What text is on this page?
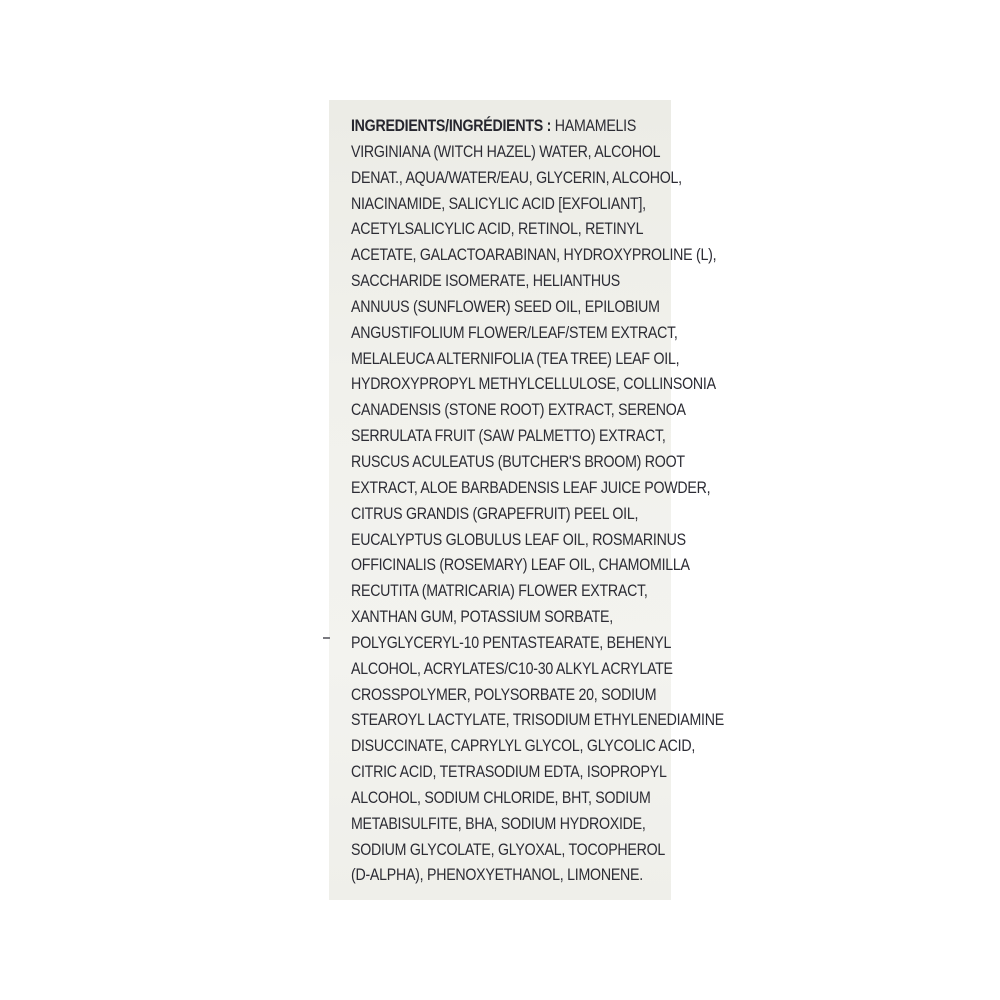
INGREDIENTS/INGRÉDIENTS : HAMAMELIS
VIRGINIANA (WITCH HAZEL) WATER, ALCOHOL
DENAT., AQUA/WATER/EAU, GLYCERIN, ALCOHOL,
NIACINAMIDE, SALICYLIC ACID [EXFOLIANT],
ACETYLSALICYLIC ACID, RETINOL, RETINYL
ACETATE, GALACTOARABINAN, HYDROXYPROLINE (L),
SACCHARIDE ISOMERATE, HELIANTHUS
ANNUUS (SUNFLOWER) SEED OIL, EPILOBIUM
ANGUSTIFOLIUM FLOWER/LEAF/STEM EXTRACT,
MELALEUCA ALTERNIFOLIA (TEA TREE) LEAF OIL,
HYDROXYPROPYL METHYLCELLULOSE, COLLINSONIA
CANADENSIS (STONE ROOT) EXTRACT, SERENOA
SERRULATA FRUIT (SAW PALMETTO) EXTRACT,
RUSCUS ACULEATUS (BUTCHER'S BROOM) ROOT
EXTRACT, ALOE BARBADENSIS LEAF JUICE POWDER,
CITRUS GRANDIS (GRAPEFRUIT) PEEL OIL,
EUCALYPTUS GLOBULUS LEAF OIL, ROSMARINUS
OFFICINALIS (ROSEMARY) LEAF OIL, CHAMOMILLA
RECUTITA (MATRICARIA) FLOWER EXTRACT,
XANTHAN GUM, POTASSIUM SORBATE,
POLYGLYCERYL-10 PENTASTEARATE, BEHENYL
ALCOHOL, ACRYLATES/C10-30 ALKYL ACRYLATE
CROSSPOLYMER, POLYSORBATE 20, SODIUM
STEAROYL LACTYLATE, TRISODIUM ETHYLENEDIAMINE
DISUCCINATE, CAPRYLYL GLYCOL, GLYCOLIC ACID,
CITRIC ACID, TETRASODIUM EDTA, ISOPROPYL
ALCOHOL, SODIUM CHLORIDE, BHT, SODIUM
METABISULFITE, BHA, SODIUM HYDROXIDE,
SODIUM GLYCOLATE, GLYOXAL, TOCOPHEROL
(D-ALPHA), PHENOXYETHANOL, LIMONENE.
